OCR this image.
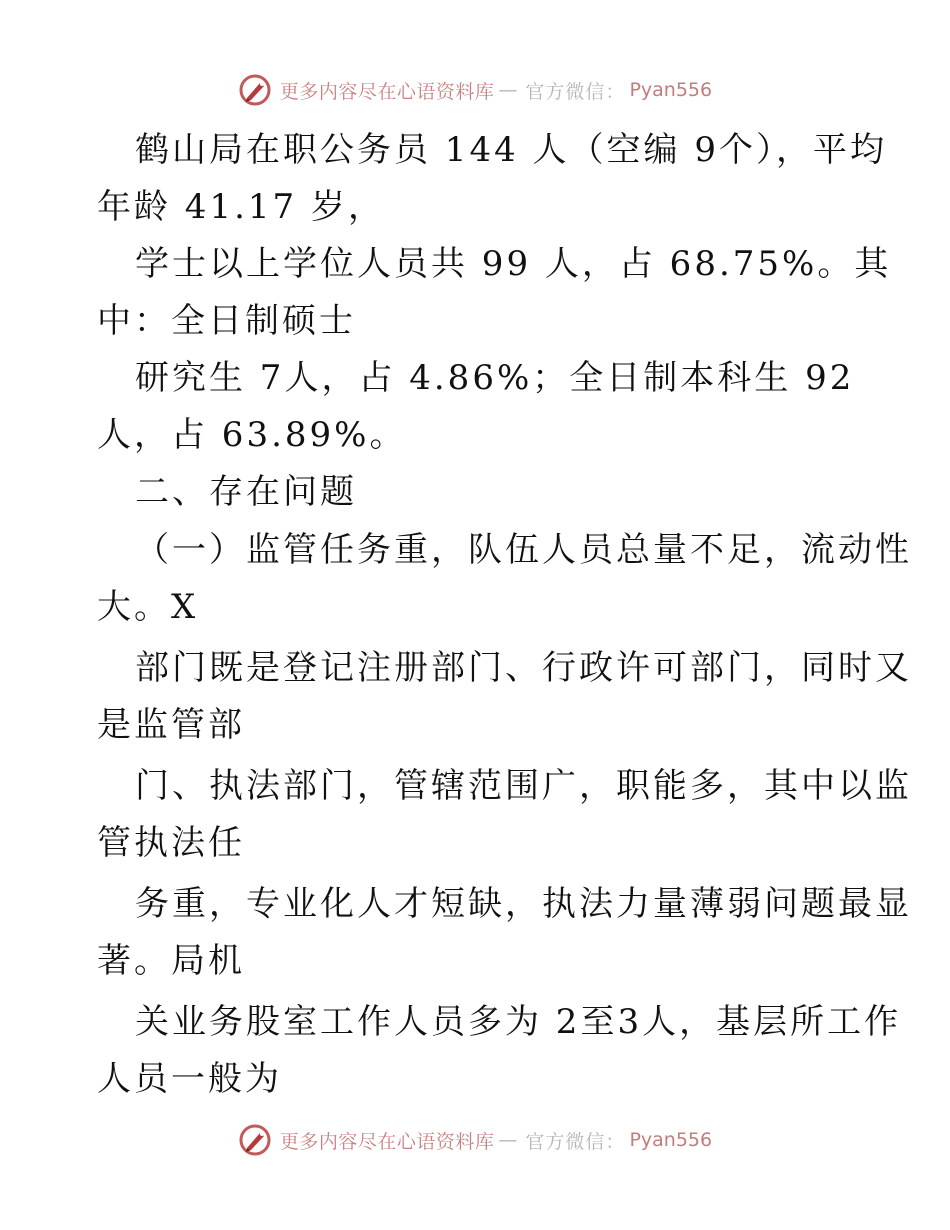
更多内容尽在心语资料库 — 官方微信： Pyan556
鹤山局在职公务员 144 人（空编 9个），平均
年龄 41.17 岁，
学士以上学位人员共 99 人，占 68.75%。其
中：全日制硕士
研究生 7人，占 4.86%；全日制本科生 92
人，占 63.89%。
二、存在问题
（一）监管任务重，队伍人员总量不足，流动性
大。X
部门既是登记注册部门、行政许可部门，同时又
是监管部
门、执法部门，管辖范围广，职能多，其中以监
管执法任
务重，专业化人才短缺，执法力量薄弱问题最显
著。局机
关业务股室工作人员多为 2至3人，基层所工作
人员一般为
更多内容尽在心语资料库 — 官方微信： Pyan556
